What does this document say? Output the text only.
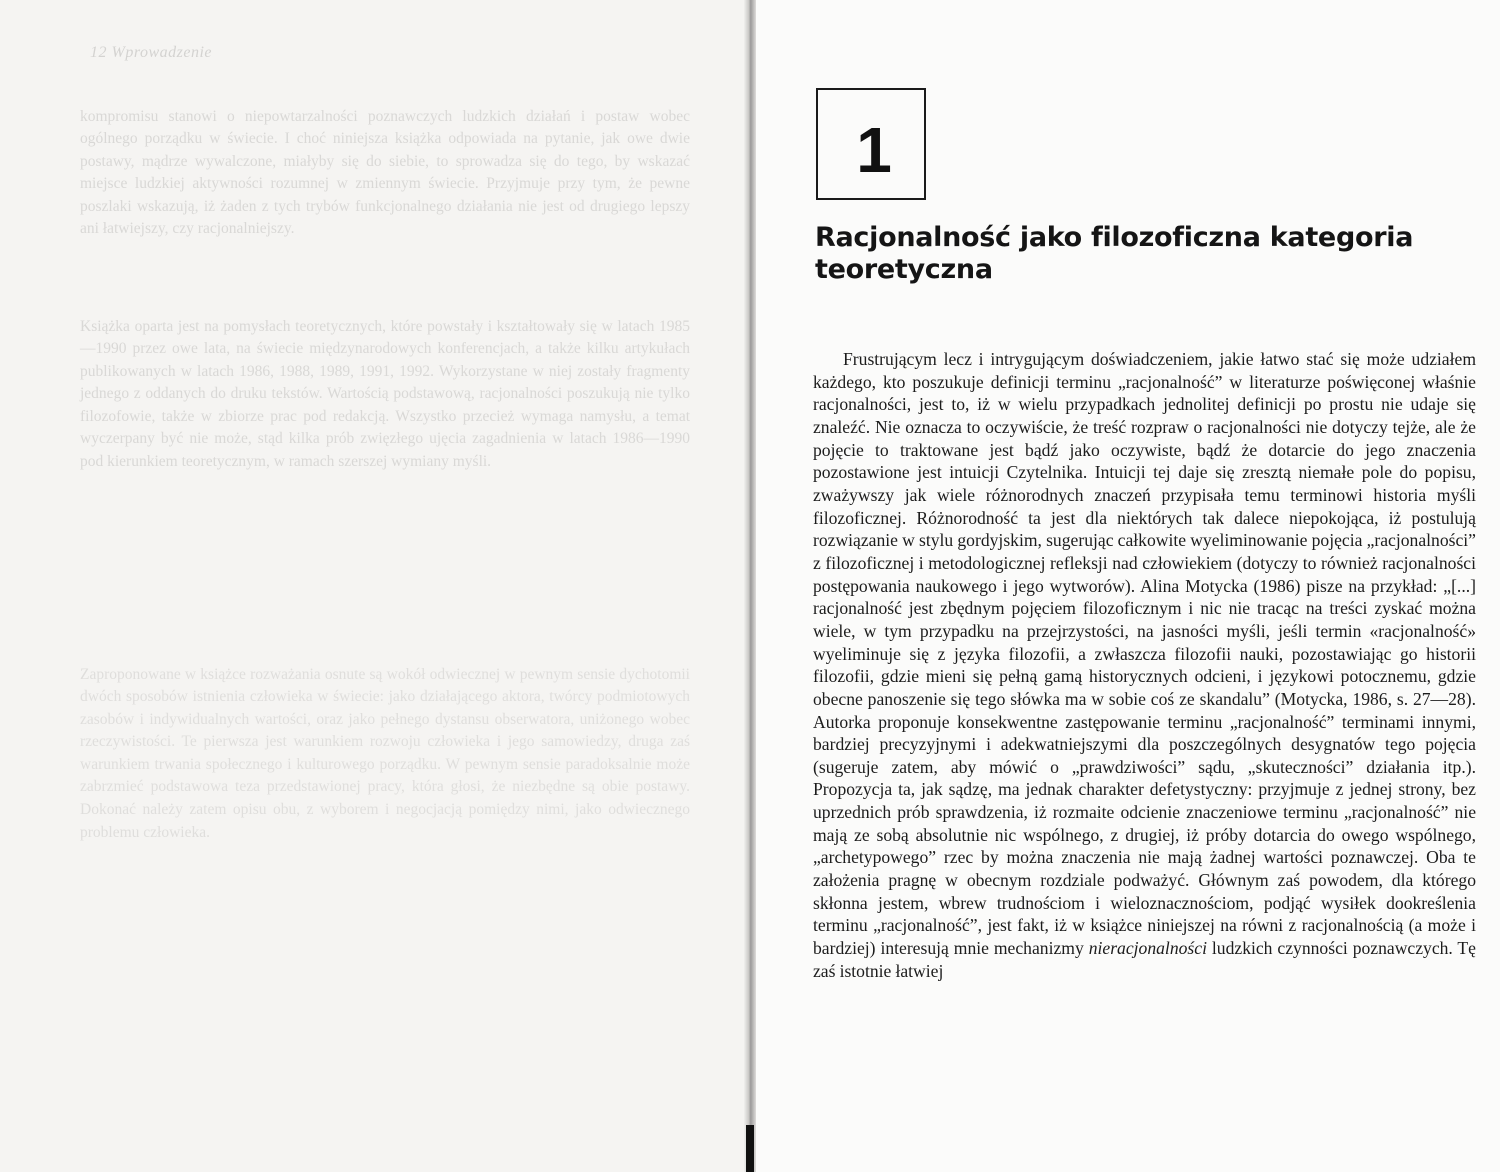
12 Wprowadzenie

kompromisu stanowi o niepowtarzalności poznawczych ludzkich działań i postaw wobec ogólnego porządku w świecie. I choć niniejsza książka odpowiada na pytanie, jak owe dwie postawy, mądrze wywalczone, miałyby się do siebie, to sprowadza się do tego, by wskazać miejsce ludzkiej aktywności rozumnej w zmiennym świecie. Przyjmuje przy tym, że pewne poszlaki wskazują, iż żaden z tych trybów funkcjonalnego działania nie jest od drugiego lepszy ani łatwiejszy, czy racjonalniejszy.

Książka oparta jest na pomysłach teoretycznych, które powstały i kształtowały się w latach 1985—1990 przez owe lata, na świecie międzynarodowych konferencjach, a także kilku artykułach publikowanych w latach 1986, 1988, 1989, 1991, 1992. Wykorzystane w niej zostały fragmenty jednego z oddanych do druku tekstów. Wartością podstawową, racjonalności poszukują nie tylko filozofowie, także w zbiorze prac pod redakcją. Wszystko przecież wymaga namysłu, a temat wyczerpany być nie może, stąd kilka prób zwięzłego ujęcia zagadnienia w latach 1986—1990 pod kierunkiem teoretycznym, w ramach szerszej wymiany myśli.

Zaproponowane w książce rozważania osnute są wokół odwiecznej w pewnym sensie dychotomii dwóch sposobów istnienia człowieka w świecie: jako działającego aktora, twórcy podmiotowych zasobów i indywidualnych wartości, oraz jako pełnego dystansu obserwatora, uniżonego wobec rzeczywistości. Te pierwsza jest warunkiem rozwoju człowieka i jego samowiedzy, druga zaś warunkiem trwania społecznego i kulturowego porządku. W pewnym sensie paradoksalnie może zabrzmieć podstawowa teza przedstawionej pracy, która głosi, że niezbędne są obie postawy. Dokonać należy zatem opisu obu, z wyborem i negocjacją pomiędzy nimi, jako odwiecznego problemu człowieka.

1
Racjonalność jako filozoficzna kategoria teoretyczna

Frustrującym lecz i intrygującym doświadczeniem, jakie łatwo stać się może udziałem każdego, kto poszukuje definicji terminu „racjonalność” w literaturze poświęconej właśnie racjonalności, jest to, iż w wielu przypadkach jednolitej definicji po prostu nie udaje się znaleźć. Nie oznacza to oczywiście, że treść rozpraw o racjonalności nie dotyczy tejże, ale że pojęcie to traktowane jest bądź jako oczywiste, bądź że dotarcie do jego znaczenia pozostawione jest intuicji Czytelnika. Intuicji tej daje się zresztą niemałe pole do popisu, zważywszy jak wiele różnorodnych znaczeń przypisała temu terminowi historia myśli filozoficznej. Różnorodność ta jest dla niektórych tak dalece niepokojąca, iż postulują rozwiązanie w stylu gordyjskim, sugerując całkowite wyeliminowanie pojęcia „racjonalności” z filozoficznej i metodologicznej refleksji nad człowiekiem (dotyczy to również racjonalności postępowania naukowego i jego wytworów). Alina Motycka (1986) pisze na przykład: „[...] racjonalność jest zbędnym pojęciem filozoficznym i nic nie tracąc na treści zyskać można wiele, w tym przypadku na przejrzystości, na jasności myśli, jeśli termin «racjonalność» wyeliminuje się z języka filozofii, a zwłaszcza filozofii nauki, pozostawiając go historii filozofii, gdzie mieni się pełną gamą historycznych odcieni, i językowi potocznemu, gdzie obecne panoszenie się tego słówka ma w sobie coś ze skandalu” (Motycka, 1986, s. 27—28). Autorka proponuje konsekwentne zastępowanie terminu „racjonalność” terminami innymi, bardziej precyzyjnymi i adekwatniejszymi dla poszczególnych desygnatów tego pojęcia (sugeruje zatem, aby mówić o „prawdziwości” sądu, „skuteczności” działania itp.). Propozycja ta, jak sądzę, ma jednak charakter defetystyczny: przyjmuje z jednej strony, bez uprzednich prób sprawdzenia, iż rozmaite odcienie znaczeniowe terminu „racjonalność” nie mają ze sobą absolutnie nic wspólnego, z drugiej, iż próby dotarcia do owego wspólnego, „archetypowego” rzec by można znaczenia nie mają żadnej wartości poznawczej. Oba te założenia pragnę w obecnym rozdziale podważyć. Głównym zaś powodem, dla którego skłonna jestem, wbrew trudnościom i wieloznacznościom, podjąć wysiłek dookreślenia terminu „racjonalność”, jest fakt, iż w książce niniejszej na równi z racjonalnością (a może i bardziej) interesują mnie mechanizmy nieracjonalności ludzkich czynności poznawczych. Tę zaś istotnie łatwiej
